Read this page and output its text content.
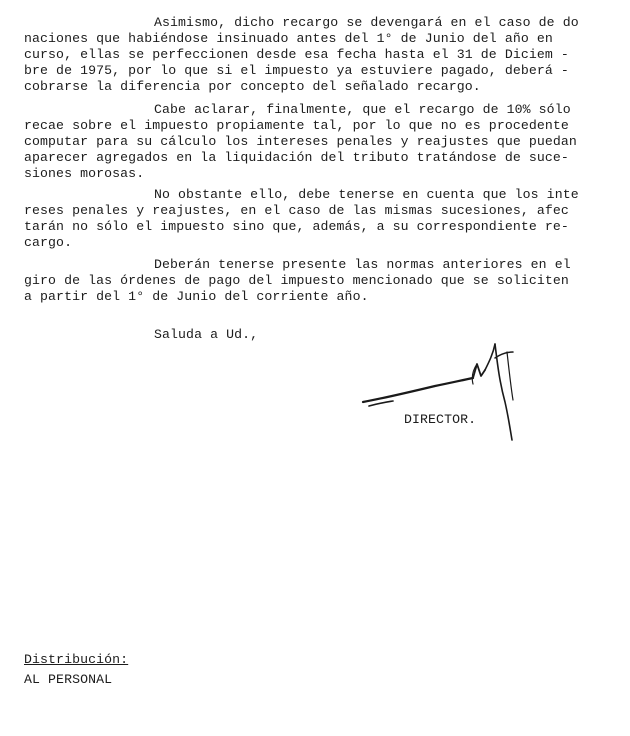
Asimismo, dicho recargo se devengará en el caso de do
naciones que habiéndose insinuado antes del 1° de Junio del año en
curso, ellas se perfeccionen desde esa fecha hasta el 31 de Diciem -
bre de 1975, por lo que si el impuesto ya estuviere pagado, deberá -
cobrarse la diferencia por concepto del señalado recargo.
Cabe aclarar, finalmente, que el recargo de 10% sólo
recae sobre el impuesto propiamente tal, por lo que no es procedente
computar para su cálculo los intereses penales y reajustes que puedan
aparecer agregados en la liquidación del tributo tratándose de suce-
siones morosas.
No obstante ello, debe tenerse en cuenta que los inte
reses penales y reajustes, en el caso de las mismas sucesiones, afec
tarán no sólo el impuesto sino que, además, a su correspondiente re-
cargo.
Deberán tenerse presente las normas anteriores en el
giro de las órdenes de pago del impuesto mencionado que se soliciten
a partir del 1° de Junio del corriente año.
Saluda a Ud.,
DIRECTOR.
Distribución:
AL PERSONAL
